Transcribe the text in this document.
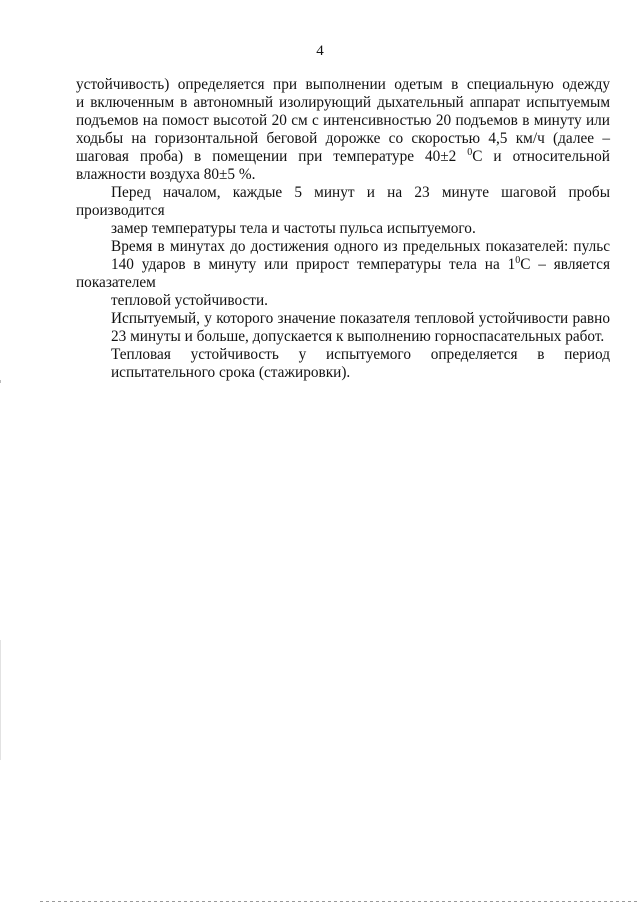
4

устойчивость) определяется при выполнении одетым в специальную одежду
и включенным в автономный изолирующий дыхательный аппарат испытуемым
подъемов на помост высотой 20 см с интенсивностью 20 подъемов в минуту или
ходьбы на горизонтальной беговой дорожке со скоростью 4,5 км/ч (далее –
шаговая проба) в помещении при температуре 40±2 $^0$С и относительной
влажности воздуха 80±5 %.

Перед началом, каждые 5 минут и на 23 минуте шаговой пробы производится
замер температуры тела и частоты пульса испытуемого.

Время в минутах до достижения одного из предельных показателей: пульс
140 ударов в минуту или прирост температуры тела на $1^0С$ – является показателем
тепловой устойчивости.

Испытуемый, у которого значение показателя тепловой устойчивости равно
23 минуты и больше, допускается к выполнению горноспасательных работ.

Тепловая устойчивость у испытуемого определяется в период
испытательного срока (стажировки).
